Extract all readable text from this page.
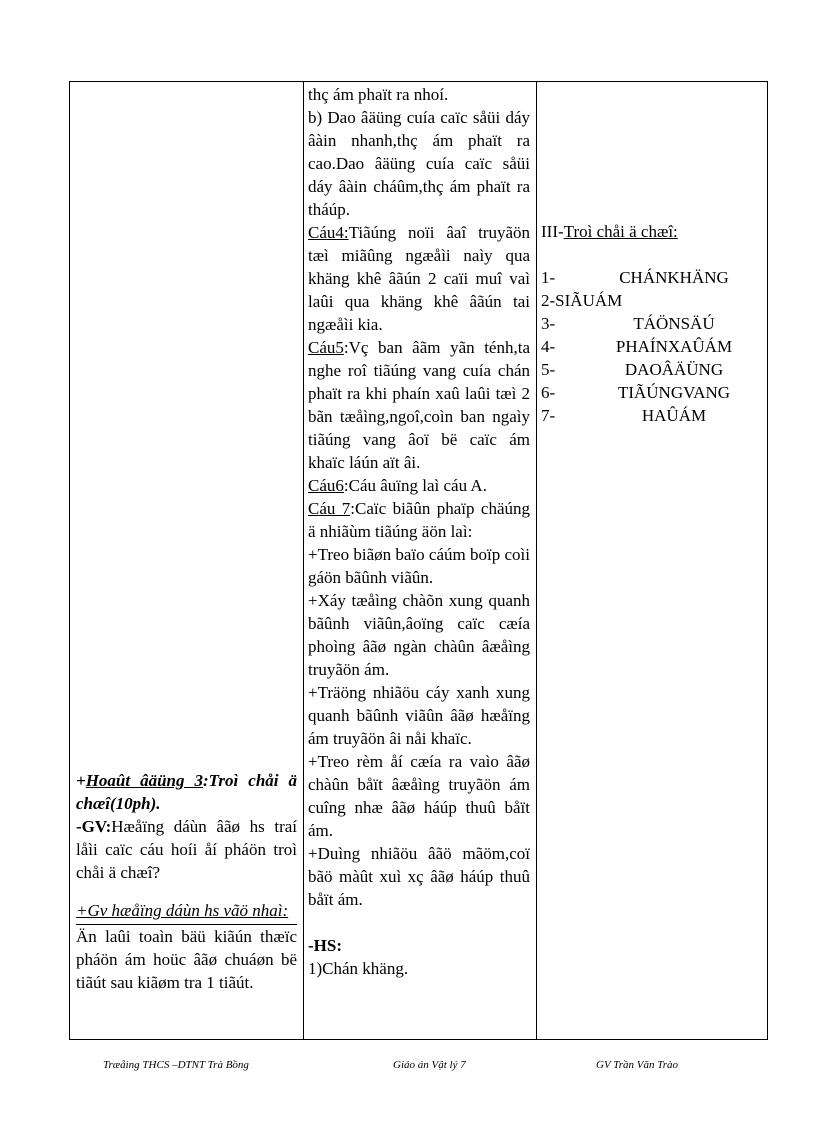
+Hoaût âäüng 3:Troì chåi ä chæî(10ph).

-GV:Hæåïng dáùn âãø hs traí låìi caïc cáu hoíi åí pháön troì chåi ä chæî?

+Gv hæåïng dáùn hs vãö nhaì:

Än laûi toaìn bäü kiãún thæïc pháön ám hoüc âãø chuáøn bë tiãút sau kiãøm tra 1 tiãút.

thç ám phaït ra nhoí.

b) Dao âäüng cuía caïc såüi dáy âàin nhanh,thç ám phaït ra cao.Dao âäüng cuía caïc såüi dáy âàin cháûm,thç ám phaït ra tháúp.

Cáu4:Tiãúng noïi âaî truyãön tæì miãûng ngæåìi naìy qua khäng khê âãún 2 caïi muî vaì laûi qua khäng khê âãún tai ngæåìi kia.

Cáu5:Vç ban âãm yãn ténh,ta nghe roî tiãúng vang cuía chán phaït ra khi phaín xaû laûi tæì 2 bãn tæåìng,ngoî,coìn ban ngaìy tiãúng vang âoï bë caïc ám khaïc láún aït âi.

Cáu6:Cáu âuïng laì cáu A.

Cáu 7:Caïc biãûn phaïp chäúng ä nhiãùm tiãúng äön laì:

+Treo biãøn baïo cáúm boïp coìi gáön bãûnh viãûn.

+Xáy tæåìng chàõn xung quanh bãûnh viãûn,âoïng caïc cæía phoìng âãø ngàn chàûn âæåìng truyãön ám.

+Träöng nhiãöu cáy xanh xung quanh bãûnh viãûn âãø hæåïng ám truyãön âi nåi khaïc.

+Treo rèm åí cæía ra vaìo âãø chàûn båït âæåìng truyãön ám cuîng nhæ âãø háúp thuû båït ám.

+Duìng nhiãöu âãö mãöm,coï bãö màût xuì xç âãø háúp thuû båït ám.

-HS:

1)Chán khäng.

III-Troì chåi ä chæî:

1-	CHÁNKHÄNG
2- SIÃUÁM
3-	TÁÖNSÄÚ
4-	PHAÍNXAÛÁM
5-	DAOÂÄÜNG
6-	TIÃÚNGVANG
7-	HAÛÁM
Træåìng THCS –DTNT Trà Bồng	Giáo án Vật lý 7	GV Trần Văn Trào
